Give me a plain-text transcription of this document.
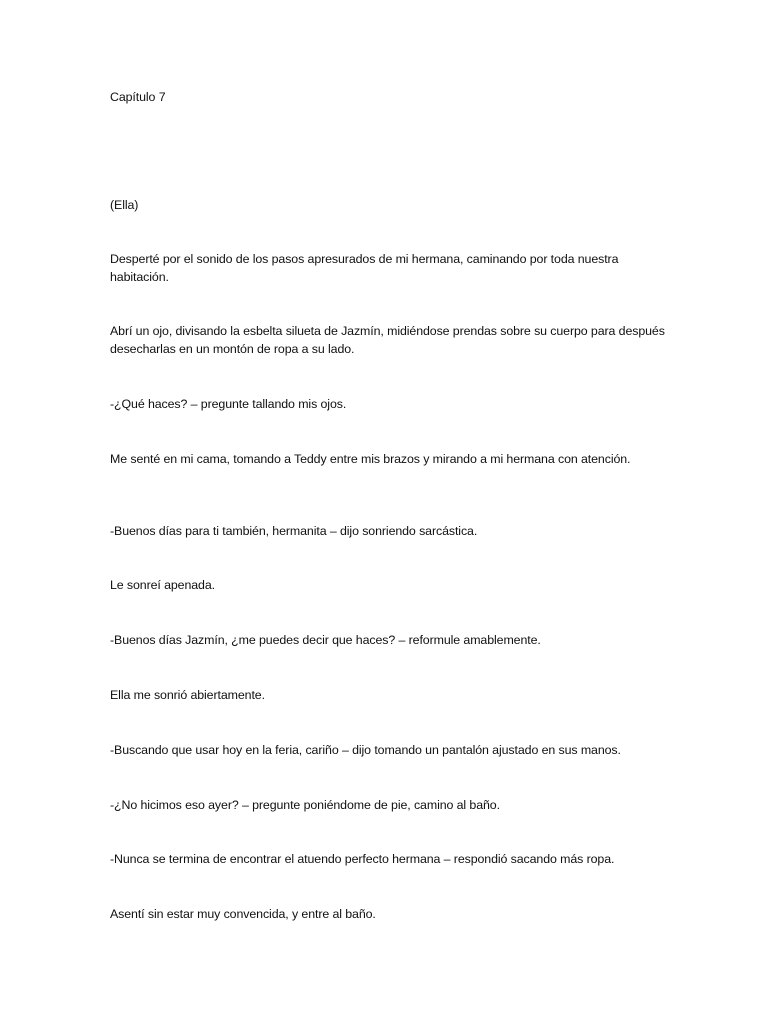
Capítulo 7
(Ella)
Desperté por el sonido de los pasos apresurados de mi hermana, caminando por toda nuestra habitación.
Abrí un ojo, divisando la esbelta silueta de Jazmín, midiéndose prendas sobre su cuerpo para después desecharlas en un montón de ropa a su lado.
-¿Qué haces? – pregunte tallando mis ojos.
Me senté en mi cama, tomando a Teddy entre mis brazos y mirando a mi hermana con atención.
-Buenos días para ti también, hermanita – dijo sonriendo sarcástica.
Le sonreí apenada.
-Buenos días Jazmín, ¿me puedes decir que haces? – reformule amablemente.
Ella me sonrió abiertamente.
-Buscando que usar hoy en la feria, cariño – dijo tomando un pantalón ajustado en sus manos.
-¿No hicimos eso ayer? – pregunte poniéndome de pie, camino al baño.
-Nunca se termina de encontrar el atuendo perfecto hermana – respondió sacando más ropa.
Asentí sin estar muy convencida, y entre al baño.
